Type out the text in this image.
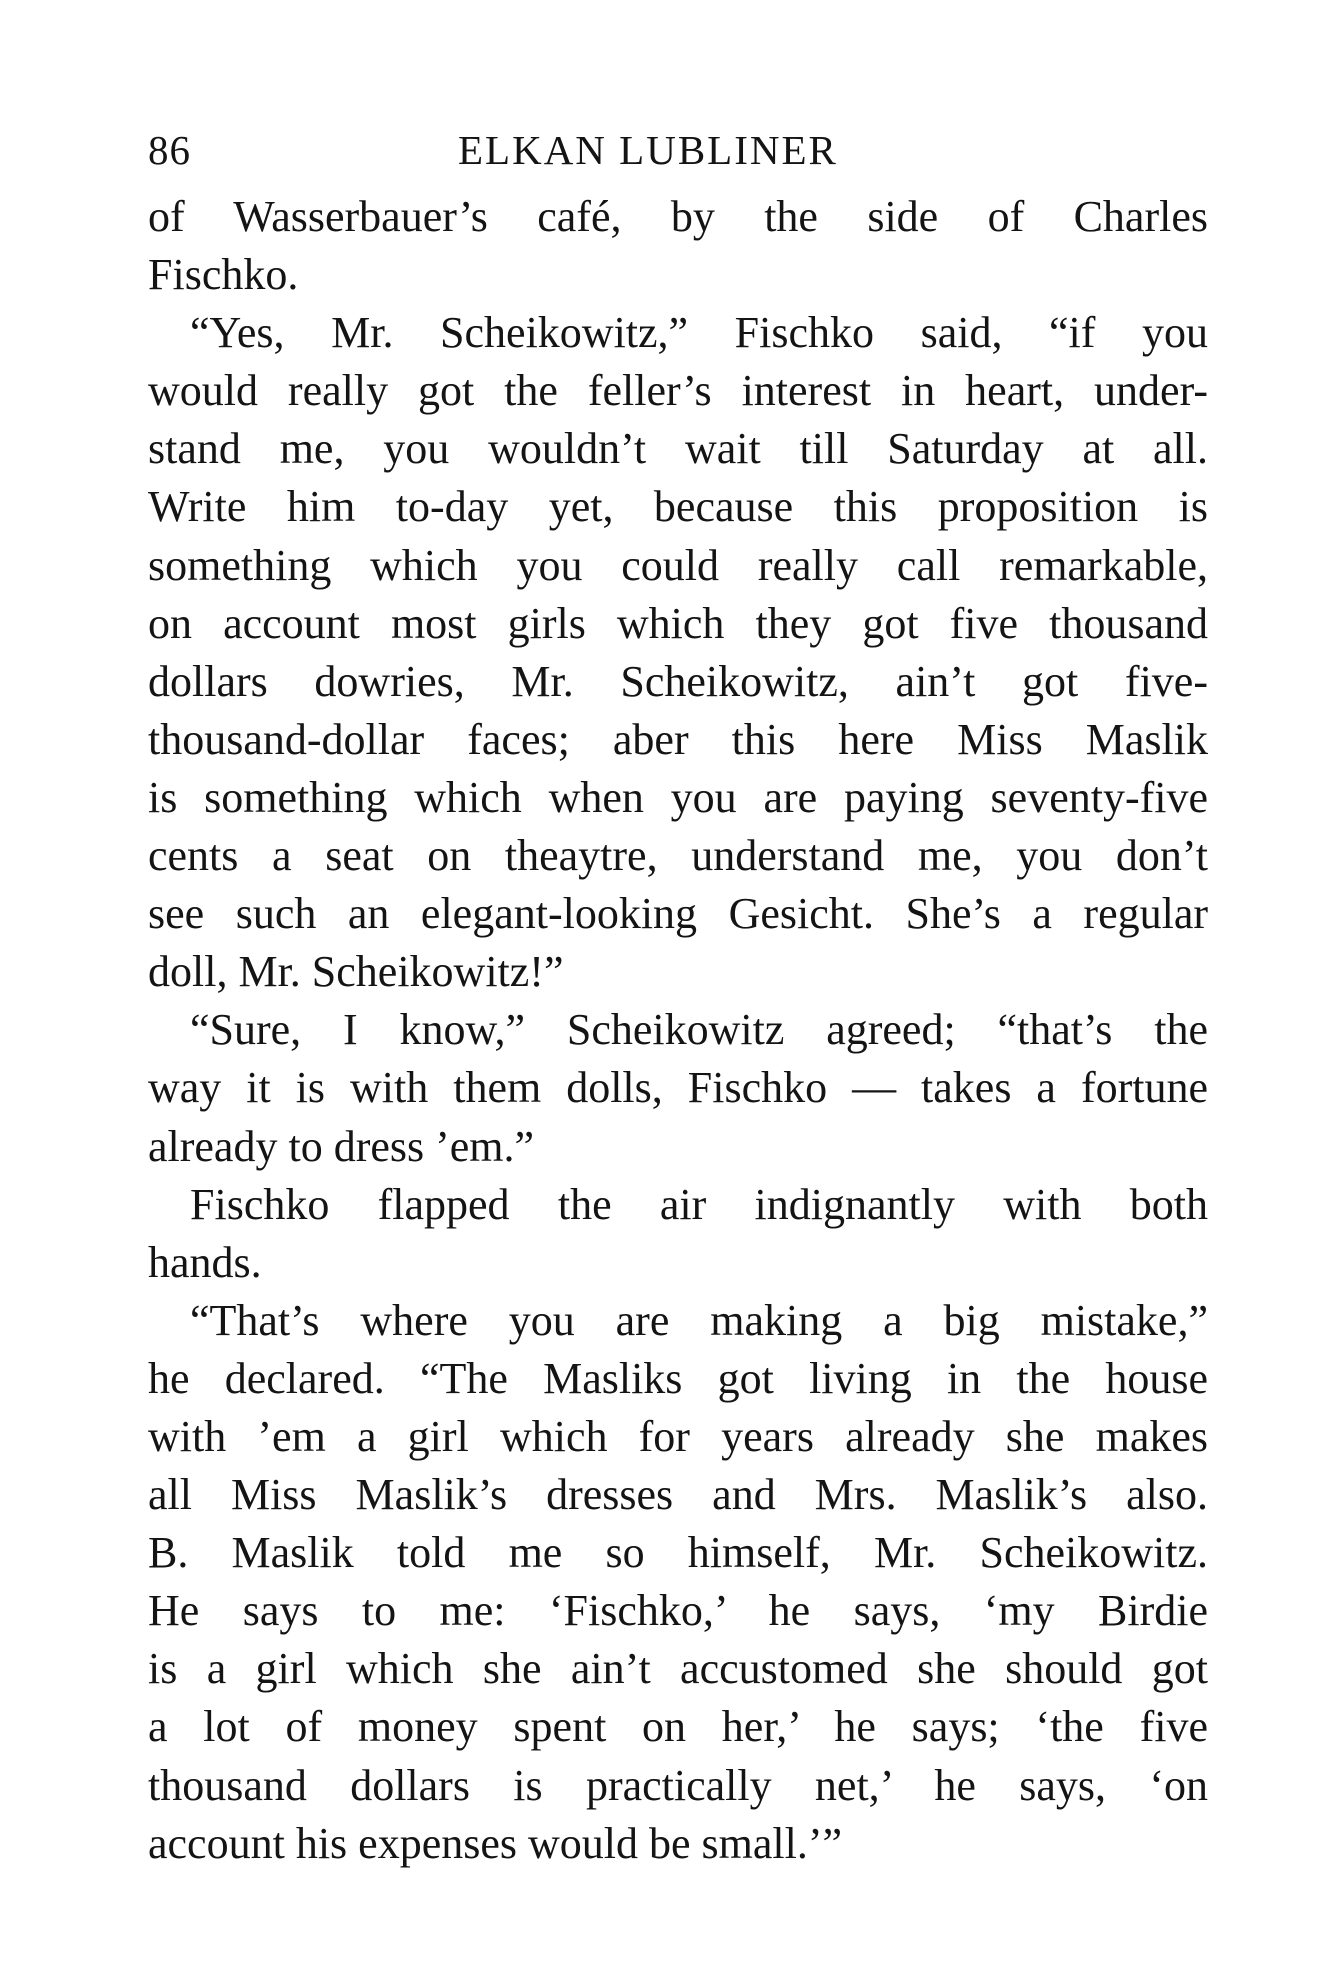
86	ELKAN LUBLINER
of Wasserbauer’s café, by the side of Charles
Fischko.
“Yes, Mr. Scheikowitz,” Fischko said, “if you
would really got the feller’s interest in heart, under-
stand me, you wouldn’t wait till Saturday at all.
Write him to-day yet, because this proposition is
something which you could really call remarkable,
on account most girls which they got five thousand
dollars dowries, Mr. Scheikowitz, ain’t got five-
thousand-dollar faces; aber this here Miss Maslik
is something which when you are paying seventy-five
cents a seat on theaytre, understand me, you don’t
see such an elegant-looking Gesicht. She’s a regular
doll, Mr. Scheikowitz!”
“Sure, I know,” Scheikowitz agreed; “that’s the
way it is with them dolls, Fischko — takes a fortune
already to dress ’em.”
Fischko flapped the air indignantly with both
hands.
“That’s where you are making a big mistake,”
he declared. “The Masliks got living in the house
with ’em a girl which for years already she makes
all Miss Maslik’s dresses and Mrs. Maslik’s also.
B. Maslik told me so himself, Mr. Scheikowitz.
He says to me: ‘Fischko,’ he says, ‘my Birdie
is a girl which she ain’t accustomed she should got
a lot of money spent on her,’ he says; ‘the five
thousand dollars is practically net,’ he says, ‘on
account his expenses would be small.’”
